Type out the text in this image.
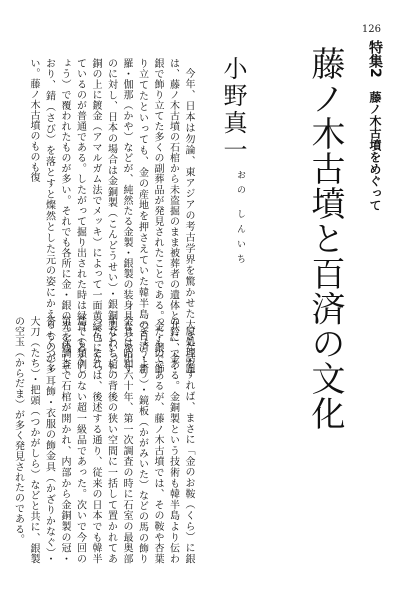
126
特集2 藤ノ木古墳をめぐって
藤ノ木古墳と百済の文化
小野真一
おの しんいち

今年、日本は勿論、東アジアの考古学界を驚かせた大きな話題は、藤ノ木古墳の石棺から未盗掘のまま被葬者の遺体と共に、金・銀で飾り立てた多くの副葬品が発見されたことである。金・銀で飾り立てたといっても、金の産地を押さえていた韓半島の百済・新羅・伽那（かや）などが、純然たる金製・銀製の装身具などを出すのに対し、日本の場合は金銅製（こんどうせい）・銀銅製といった銅の上に鍍金（アマルガム法でメッキ）によって一面黄緑色になっているのが普通である。したがって掘り出された時は緑青（ろくしょう）で覆われたものが多い。それでも各所に金・銀の光を残しており、錆（さび）を落とすと燦然とした元の姿にかえるものが多い。藤ノ木古墳のものも復

原処理をすれば、まさに「金のお鞍（くら）に銀の鈴」である。金銅製という技術も韓半島より伝わったものであるが、藤ノ木古墳では、その鞍や杏葉（ぎょうよう）・鏡板（かがみいた）などの馬の飾り金具は昭和六十年、第一次調査の時に石室の最奥部すなわち棺の背後の狭い空間に一括して置かれてあった。それは、後述する通り、従来の日本でも韓半島でも類例のない超一級品であった。次いで今回の第三次調査で石棺が開かれ、内部から金銅製の冠・沓（くつ）・耳飾・衣服の飾金具（かざりかなぐ）・大刀（たち）・把頭（つかがしら）などと共に、銀製の空玉（からだま）が多く発見されたのである。
